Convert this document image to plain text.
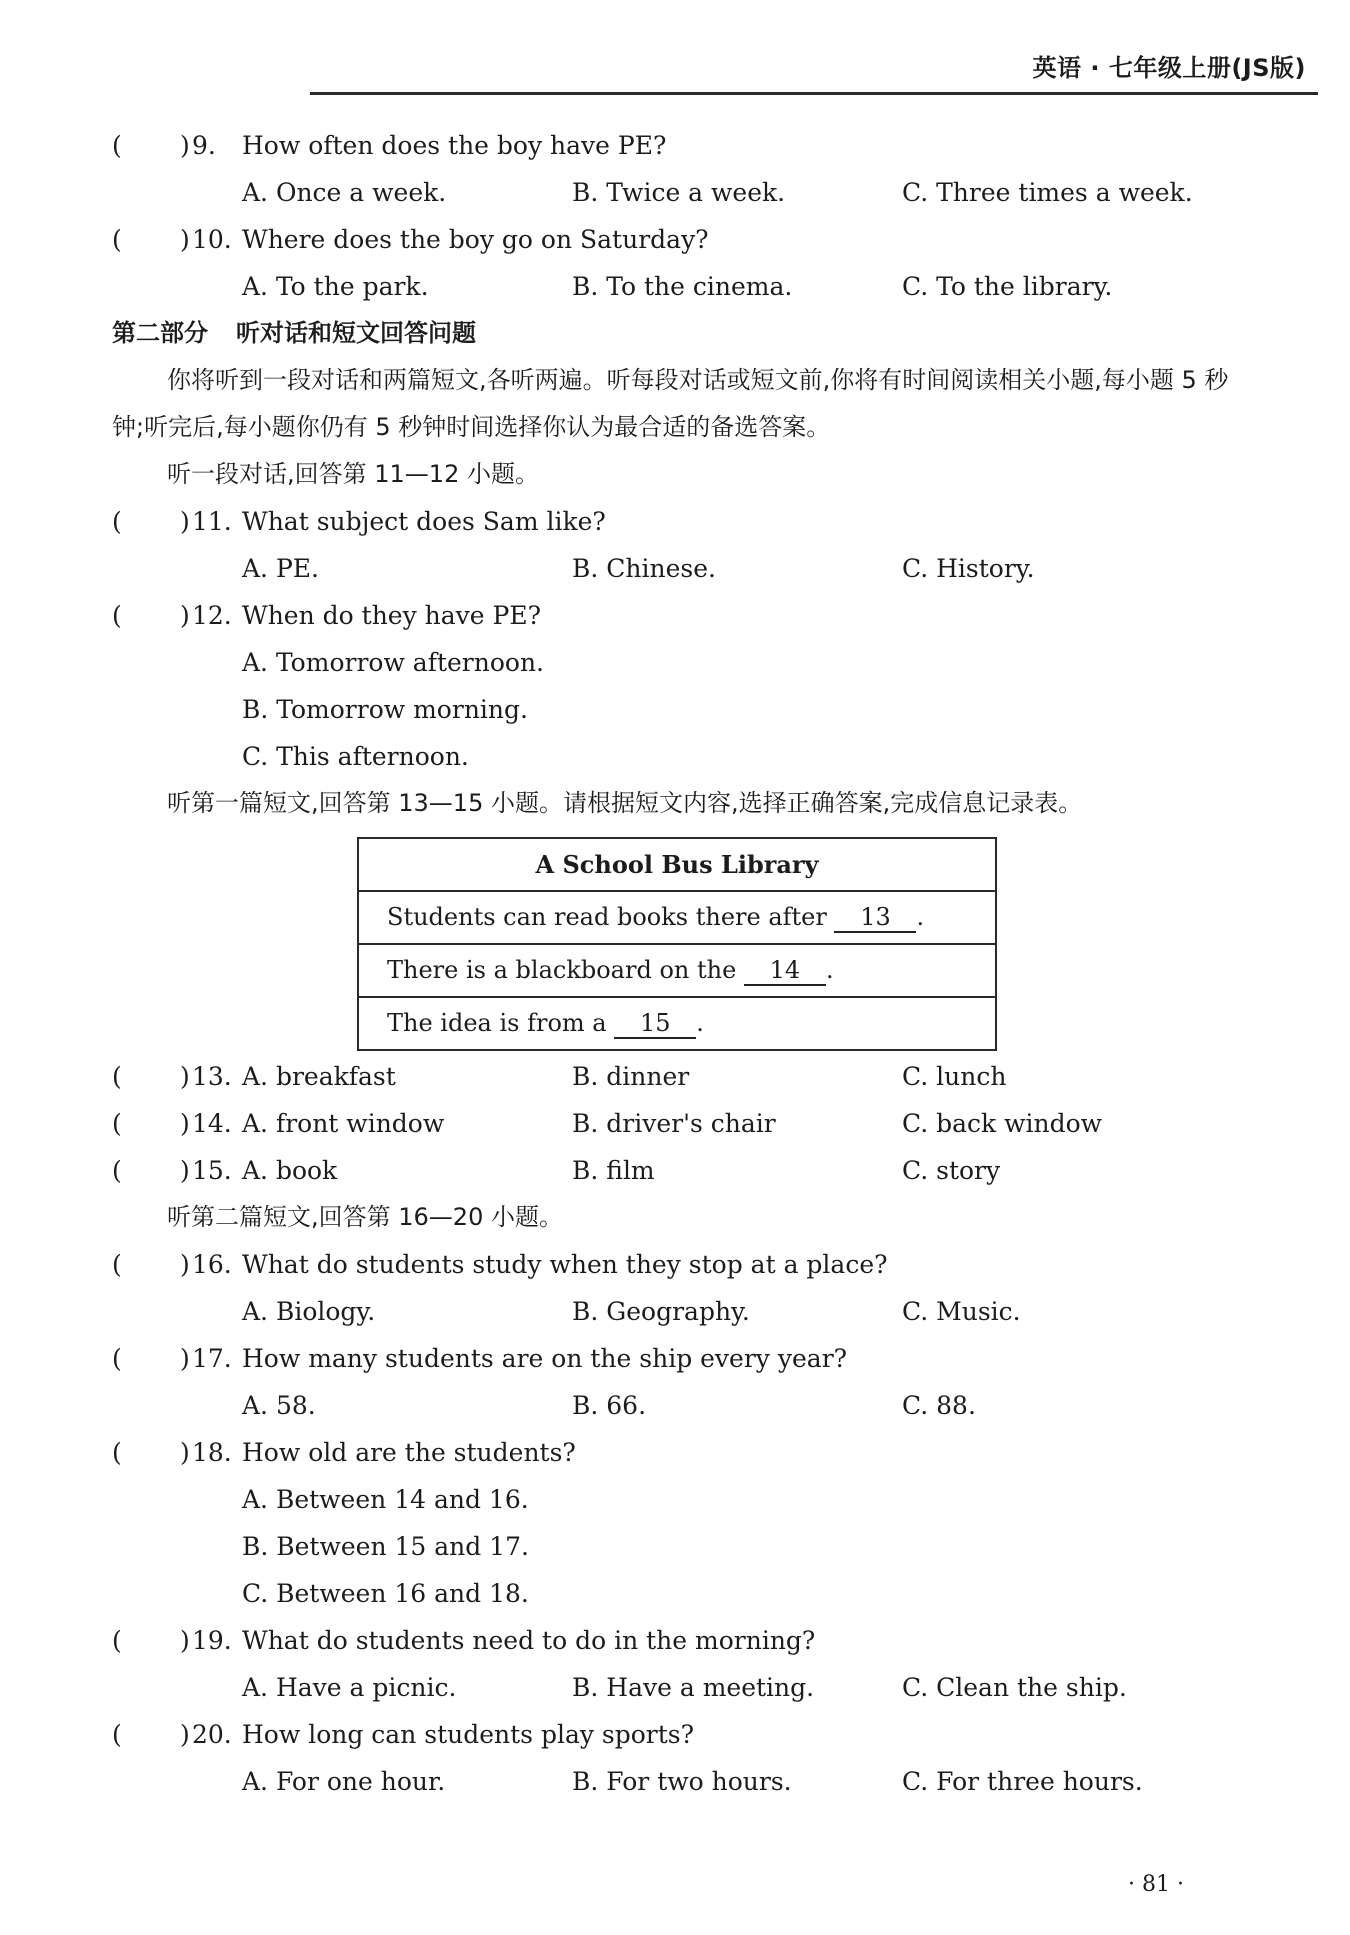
英语 · 七年级上册(JS版)
( ) 9. How often does the boy have PE?
A. Once a week.	B. Twice a week.	C. Three times a week.
( ) 10. Where does the boy go on Saturday?
A. To the park.	B. To the cinema.	C. To the library.
第二部分 听对话和短文回答问题
你将听到一段对话和两篇短文,各听两遍。听每段对话或短文前,你将有时间阅读相关小题,每小题 5 秒钟;听完后,每小题你仍有 5 秒钟时间选择你认为最合适的备选答案。
听一段对话,回答第 11—12 小题。
( ) 11. What subject does Sam like?
A. PE.	B. Chinese.	C. History.
( ) 12. When do they have PE?
A. Tomorrow afternoon.
B. Tomorrow morning.
C. This afternoon.
听第一篇短文,回答第 13—15 小题。请根据短文内容,选择正确答案,完成信息记录表。
A School Bus Library
Students can read books there after 13 .
There is a blackboard on the 14 .
The idea is from a 15 .
( ) 13. A. breakfast	B. dinner	C. lunch
( ) 14. A. front window	B. driver's chair	C. back window
( ) 15. A. book	B. film	C. story
听第二篇短文,回答第 16—20 小题。
( ) 16. What do students study when they stop at a place?
A. Biology.	B. Geography.	C. Music.
( ) 17. How many students are on the ship every year?
A. 58.	B. 66.	C. 88.
( ) 18. How old are the students?
A. Between 14 and 16.
B. Between 15 and 17.
C. Between 16 and 18.
( ) 19. What do students need to do in the morning?
A. Have a picnic.	B. Have a meeting.	C. Clean the ship.
( ) 20. How long can students play sports?
A. For one hour.	B. For two hours.	C. For three hours.
· 81 ·
